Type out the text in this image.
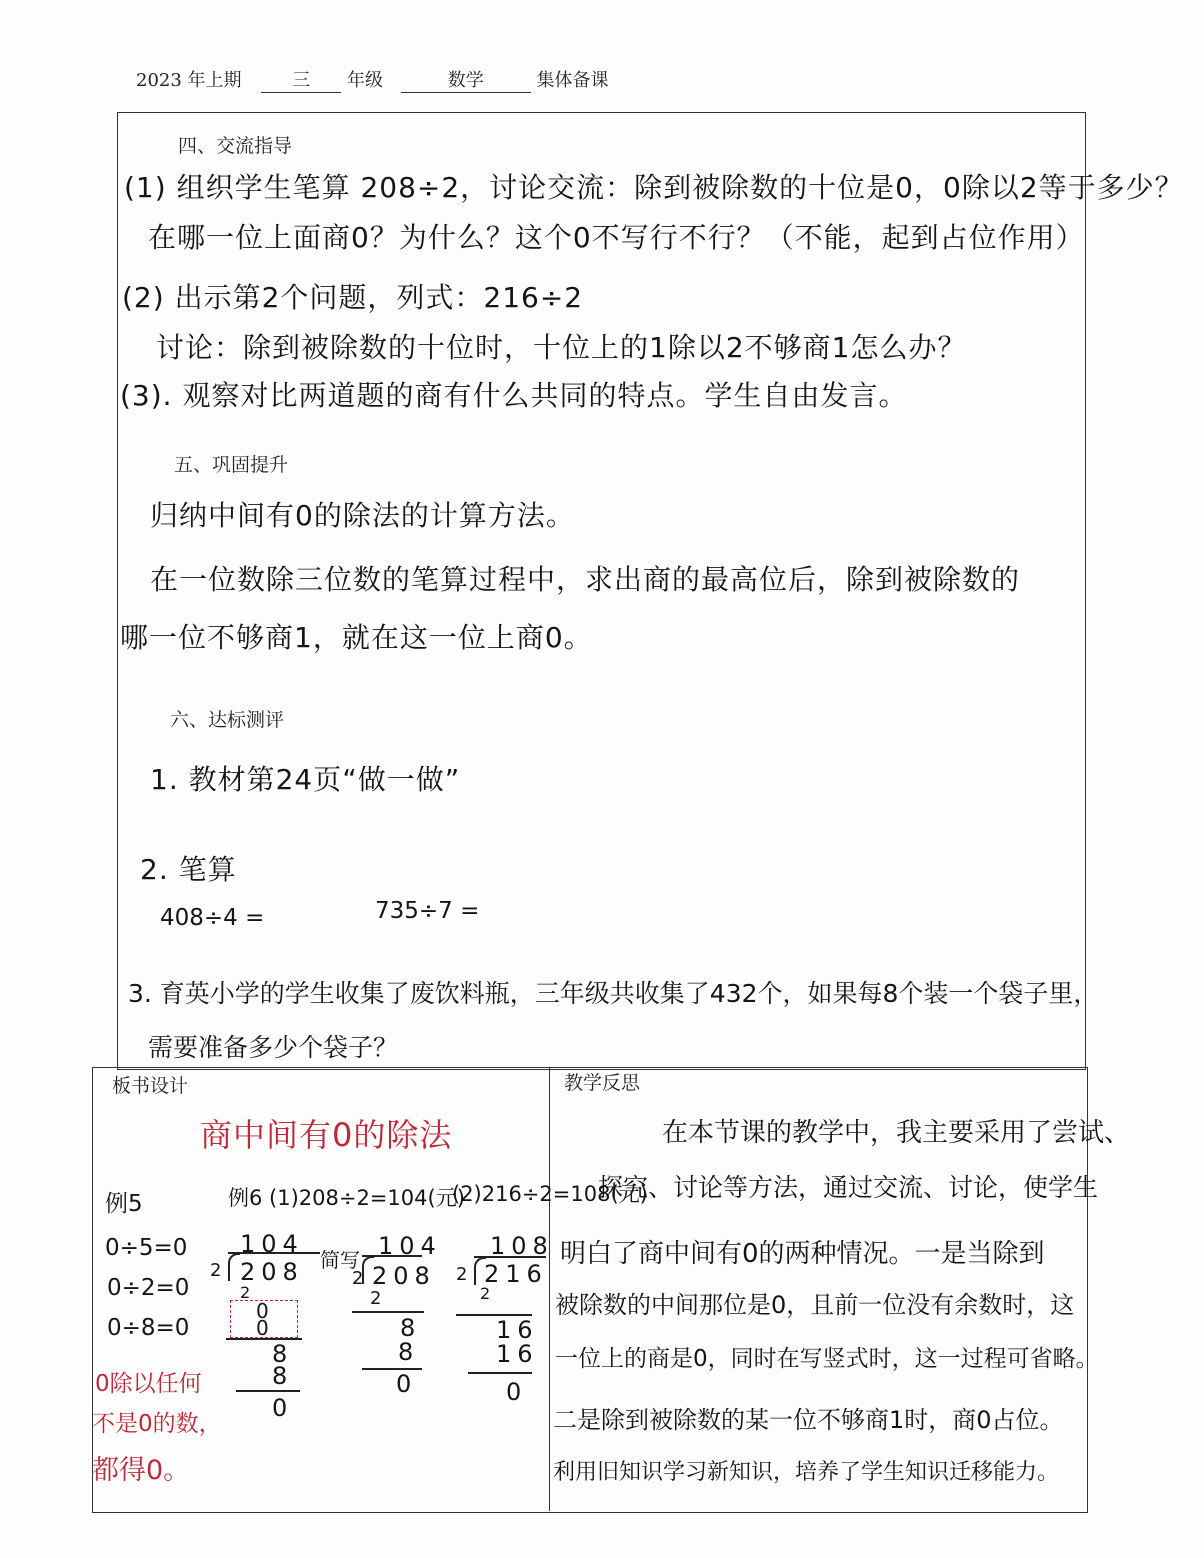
2023 年上期	三 年级	数学	集体备课
四、交流指导
(1) 组织学生笔算 208÷2，讨论交流：除到被除数的十位是0，0除以2等于多少？
在哪一位上面商0？为什么？这个0不写行不行？（不能，起到占位作用）
(2) 出示第2个问题，列式：216÷2
讨论：除到被除数的十位时，十位上的1除以2不够商1怎么办？
(3). 观察对比两道题的商有什么共同的特点。学生自由发言。
五、巩固提升
归纳中间有0的除法的计算方法。
在一位数除三位数的笔算过程中，求出商的最高位后，除到被除数的
哪一位不够商1，就在这一位上商0。
六、达标测评
1. 教材第24页“做一做”
2. 笔算
408÷4 =	735÷7 =
3. 育英小学的学生收集了废饮料瓶，三年级共收集了432个，如果每8个装一个袋子里，
需要准备多少个袋子？
板书设计
商中间有0的除法
例5	例6 (1)208÷2=104(元)
(2)216÷2=108(元)
0÷5=0
0÷2=0
0÷8=0
0除以任何
不是0的数，
都得0。
104
2 208
2
0
0
8
8
0
简写 104
2 208
2
8
8
0
108
2 216
2
16
16
0
教学反思
在本节课的教学中，我主要采用了尝试、
探究、讨论等方法，通过交流、讨论，使学生
明白了商中间有0的两种情况。一是当除到
被除数的中间那位是0，且前一位没有余数时，这
一位上的商是0，同时在写竖式时，这一过程可省略。
二是除到被除数的某一位不够商1时，商0占位。
利用旧知识学习新知识，培养了学生知识迁移能力。
